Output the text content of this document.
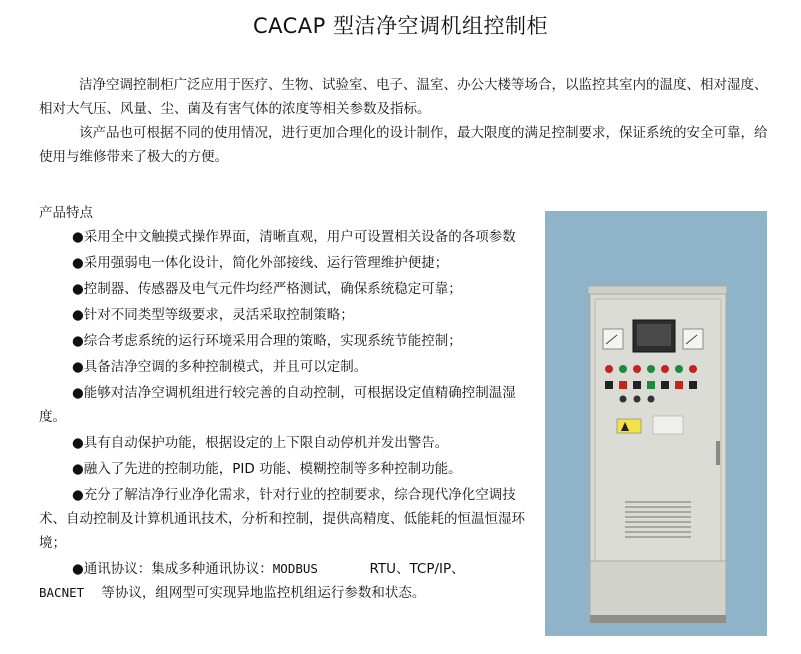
CACAP 型洁净空调机组控制柜

洁净空调控制柜广泛应用于医疗、生物、试验室、电子、温室、办公大楼等场合，以监控其室内的温度、相对湿度、相对大气压、风量、尘、菌及有害气体的浓度等相关参数及指标。

该产品也可根据不同的使用情况，进行更加合理化的设计制作，最大限度的满足控制要求，保证系统的安全可靠，给使用与维修带来了极大的方便。

产品特点
●采用全中文触摸式操作界面，清晰直观，用户可设置相关设备的各项参数
●采用强弱电一体化设计，简化外部接线、运行管理维护便捷；
●控制器、传感器及电气元件均经严格测试，确保系统稳定可靠；
●针对不同类型等级要求，灵活采取控制策略；
●综合考虑系统的运行环境采用合理的策略，实现系统节能控制；
●具备洁净空调的多种控制模式，并且可以定制。
●能够对洁净空调机组进行较完善的自动控制，可根据设定值精确控制温湿度。
●具有自动保护功能，根据设定的上下限自动停机并发出警告。
●融入了先进的控制功能，PID 功能、模糊控制等多种控制功能。
●充分了解洁净行业净化需求，针对行业的控制要求，综合现代净化空调技术、自动控制及计算机通讯技术，分析和控制，提供高精度、低能耗的恒温恒湿环境；
●通讯协议：集成多种通讯协议：MODBUS	RTU、TCP/IP、
BACNET 等协议，组网型可实现异地监控机组运行参数和状态。
